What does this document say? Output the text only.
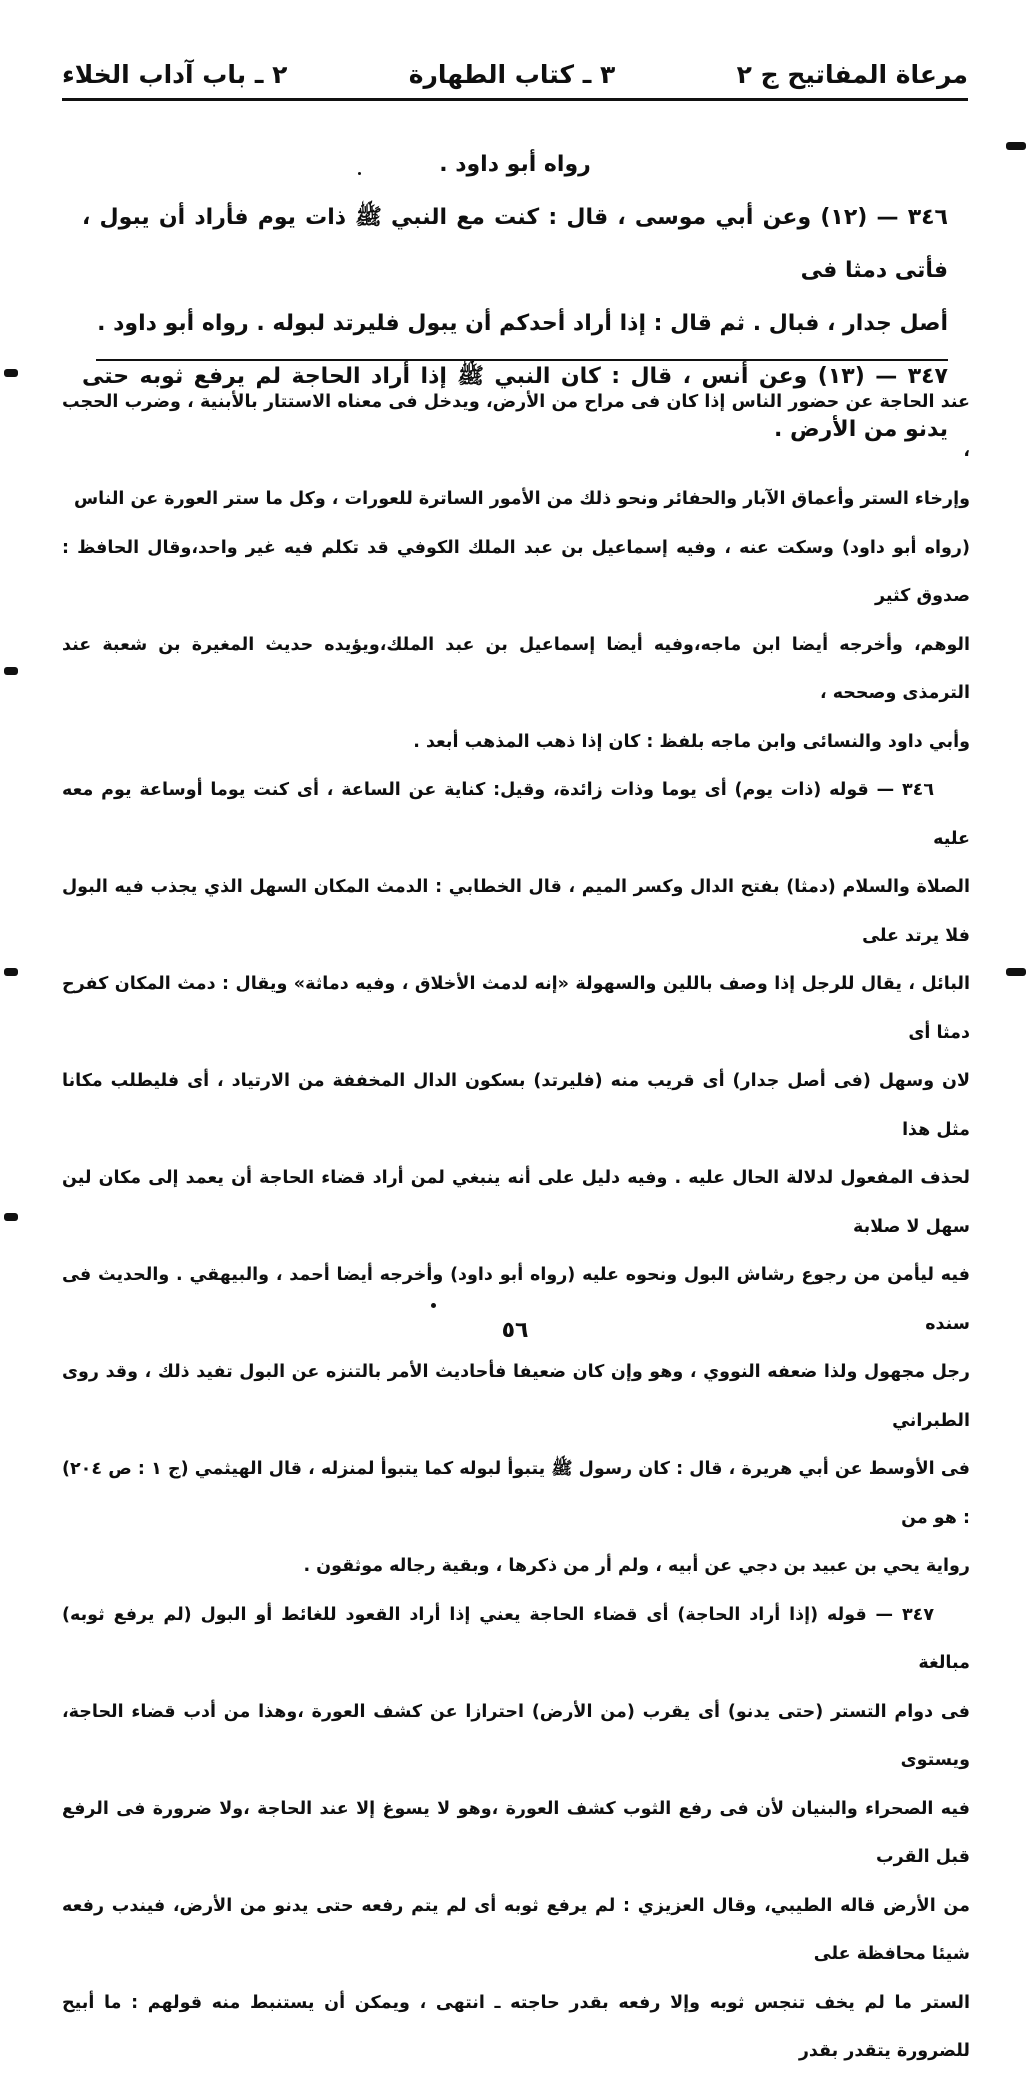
مرعاة المفاتيح ج ٢
٣ ـ كتاب الطهارة
٢ ـ باب آداب الخلاء

رواه أبو داود .

٣٤٦ — (١٢) وعن أبي موسى ، قال : كنت مع النبي ﷺ ذات يوم فأراد أن يبول ، فأتى دمثا فى

أصل جدار ، فبال . ثم قال : إذا أراد أحدكم أن يبول فليرتد لبوله . رواه أبو داود .

٣٤٧ — (١٣) وعن أنس ، قال : كان النبي ﷺ إذا أراد الحاجة لم يرفع ثوبه حتى يدنو من الأرض .

عند الحاجة عن حضور الناس إذا كان فى مراح من الأرض، ويدخل فى معناه الاستتار بالأبنية ، وضرب الحجب ،

وإرخاء الستر وأعماق الآبار والحفائر ونحو ذلك من الأمور الساترة للعورات ، وكل ما ستر العورة عن الناس

(رواه أبو داود) وسكت عنه ، وفيه إسماعيل بن عبد الملك الكوفي قد تكلم فيه غير واحد،وقال الحافظ : صدوق كثير

الوهم، وأخرجه أيضا ابن ماجه،وفيه أيضا إسماعيل بن عبد الملك،ويؤيده حديث المغيرة بن شعبة عند الترمذى وصححه ،

وأبي داود والنسائى وابن ماجه بلفظ : كان إذا ذهب المذهب أبعد .

٣٤٦ — قوله (ذات يوم) أى يوما وذات زائدة، وقيل: كناية عن الساعة ، أى كنت يوما أوساعة يوم معه عليه

الصلاة والسلام (دمثا) بفتح الدال وكسر الميم ، قال الخطابي : الدمث المكان السهل الذي يجذب فيه البول فلا يرتد على

البائل ، يقال للرجل إذا وصف باللين والسهولة «إنه لدمث الأخلاق ، وفيه دماثة» ويقال : دمث المكان كفرح دمثا أى

لان وسهل (فى أصل جدار) أى قريب منه (فليرتد) بسكون الدال المخففة من الارتياد ، أى فليطلب مكانا مثل هذا

لحذف المفعول لدلالة الحال عليه . وفيه دليل على أنه ينبغي لمن أراد قضاء الحاجة أن يعمد إلى مكان لين سهل لا صلابة

فيه ليأمن من رجوع رشاش البول ونحوه عليه (رواه أبو داود) وأخرجه أيضا أحمد ، والبيهقي . والحديث فى سنده

رجل مجهول ولذا ضعفه النووي ، وهو وإن كان ضعيفا فأحاديث الأمر بالتنزه عن البول تفيد ذلك ، وقد روى الطبراني

فى الأوسط عن أبي هريرة ، قال : كان رسول ﷺ يتبوأ لبوله كما يتبوأ لمنزله ، قال الهيثمي (ج ١ : ص ٢٠٤) : هو من

رواية يحي بن عبيد بن دجي عن أبيه ، ولم أر من ذكرها ، وبقية رجاله موثقون .

٣٤٧ — قوله (إذا أراد الحاجة) أى قضاء الحاجة يعني إذا أراد القعود للغائط أو البول (لم يرفع ثوبه) مبالغة

فى دوام التستر (حتى يدنو) أى يقرب (من الأرض) احترازا عن كشف العورة ،وهذا من أدب قضاء الحاجة، ويستوى

فيه الصحراء والبنيان لأن فى رفع الثوب كشف العورة ،وهو لا يسوغ إلا عند الحاجة ،ولا ضرورة فى الرفع قبل القرب

من الأرض قاله الطيبي، وقال العزيزي : لم يرفع ثوبه أى لم يتم رفعه حتى يدنو من الأرض، فيندب رفعه شيئا محافظة على

الستر ما لم يخف تنجس ثوبه وإلا رفعه بقدر حاجته ـ انتهى ، ويمكن أن يستنبط منه قولهم : ما أبيح للضرورة يتقدر بقدر

٥٦
